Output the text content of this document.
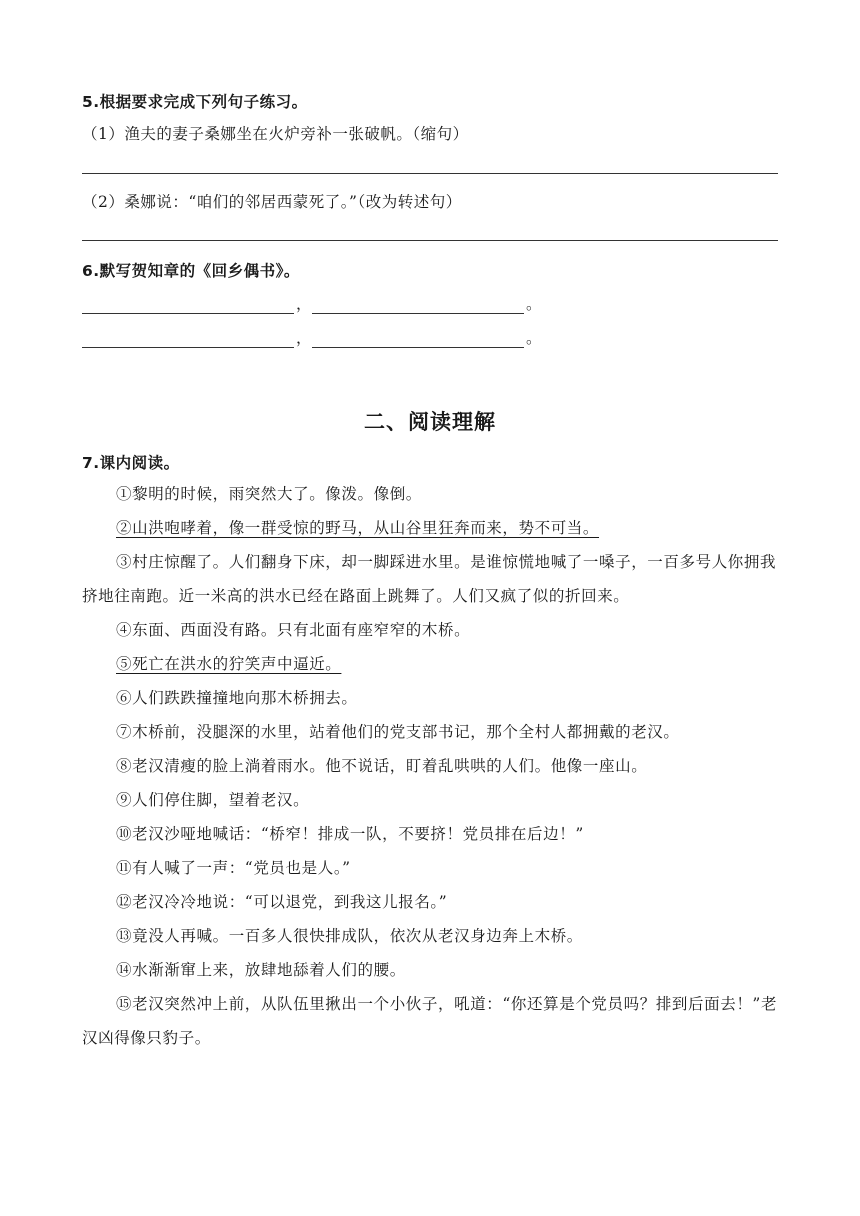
5.根据要求完成下列句子练习。
（1）渔夫的妻子桑娜坐在火炉旁补一张破帆。（缩句）
（2）桑娜说：“咱们的邻居西蒙死了。”（改为转述句）
6.默写贺知章的《回乡偶书》。
，	。
，	。
二、阅读理解
7.课内阅读。
①黎明的时候，雨突然大了。像泼。像倒。
②山洪咆哮着，像一群受惊的野马，从山谷里狂奔而来，势不可当。
③村庄惊醒了。人们翻身下床，却一脚踩进水里。是谁惊慌地喊了一嗓子，一百多号人你拥我挤地往南跑。近一米高的洪水已经在路面上跳舞了。人们又疯了似的折回来。
④东面、西面没有路。只有北面有座窄窄的木桥。
⑤死亡在洪水的狞笑声中逼近。
⑥人们跌跌撞撞地向那木桥拥去。
⑦木桥前，没腿深的水里，站着他们的党支部书记，那个全村人都拥戴的老汉。
⑧老汉清瘦的脸上淌着雨水。他不说话，盯着乱哄哄的人们。他像一座山。
⑨人们停住脚，望着老汉。
⑩老汉沙哑地喊话：“桥窄！排成一队，不要挤！党员排在后边！”
⑪有人喊了一声：“党员也是人。”
⑫老汉冷冷地说：“可以退党，到我这儿报名。”
⑬竟没人再喊。一百多人很快排成队，依次从老汉身边奔上木桥。
⑭水渐渐窜上来，放肆地舔着人们的腰。
⑮老汉突然冲上前，从队伍里揪出一个小伙子，吼道：“你还算是个党员吗？排到后面去！”老汉凶得像只豹子。
